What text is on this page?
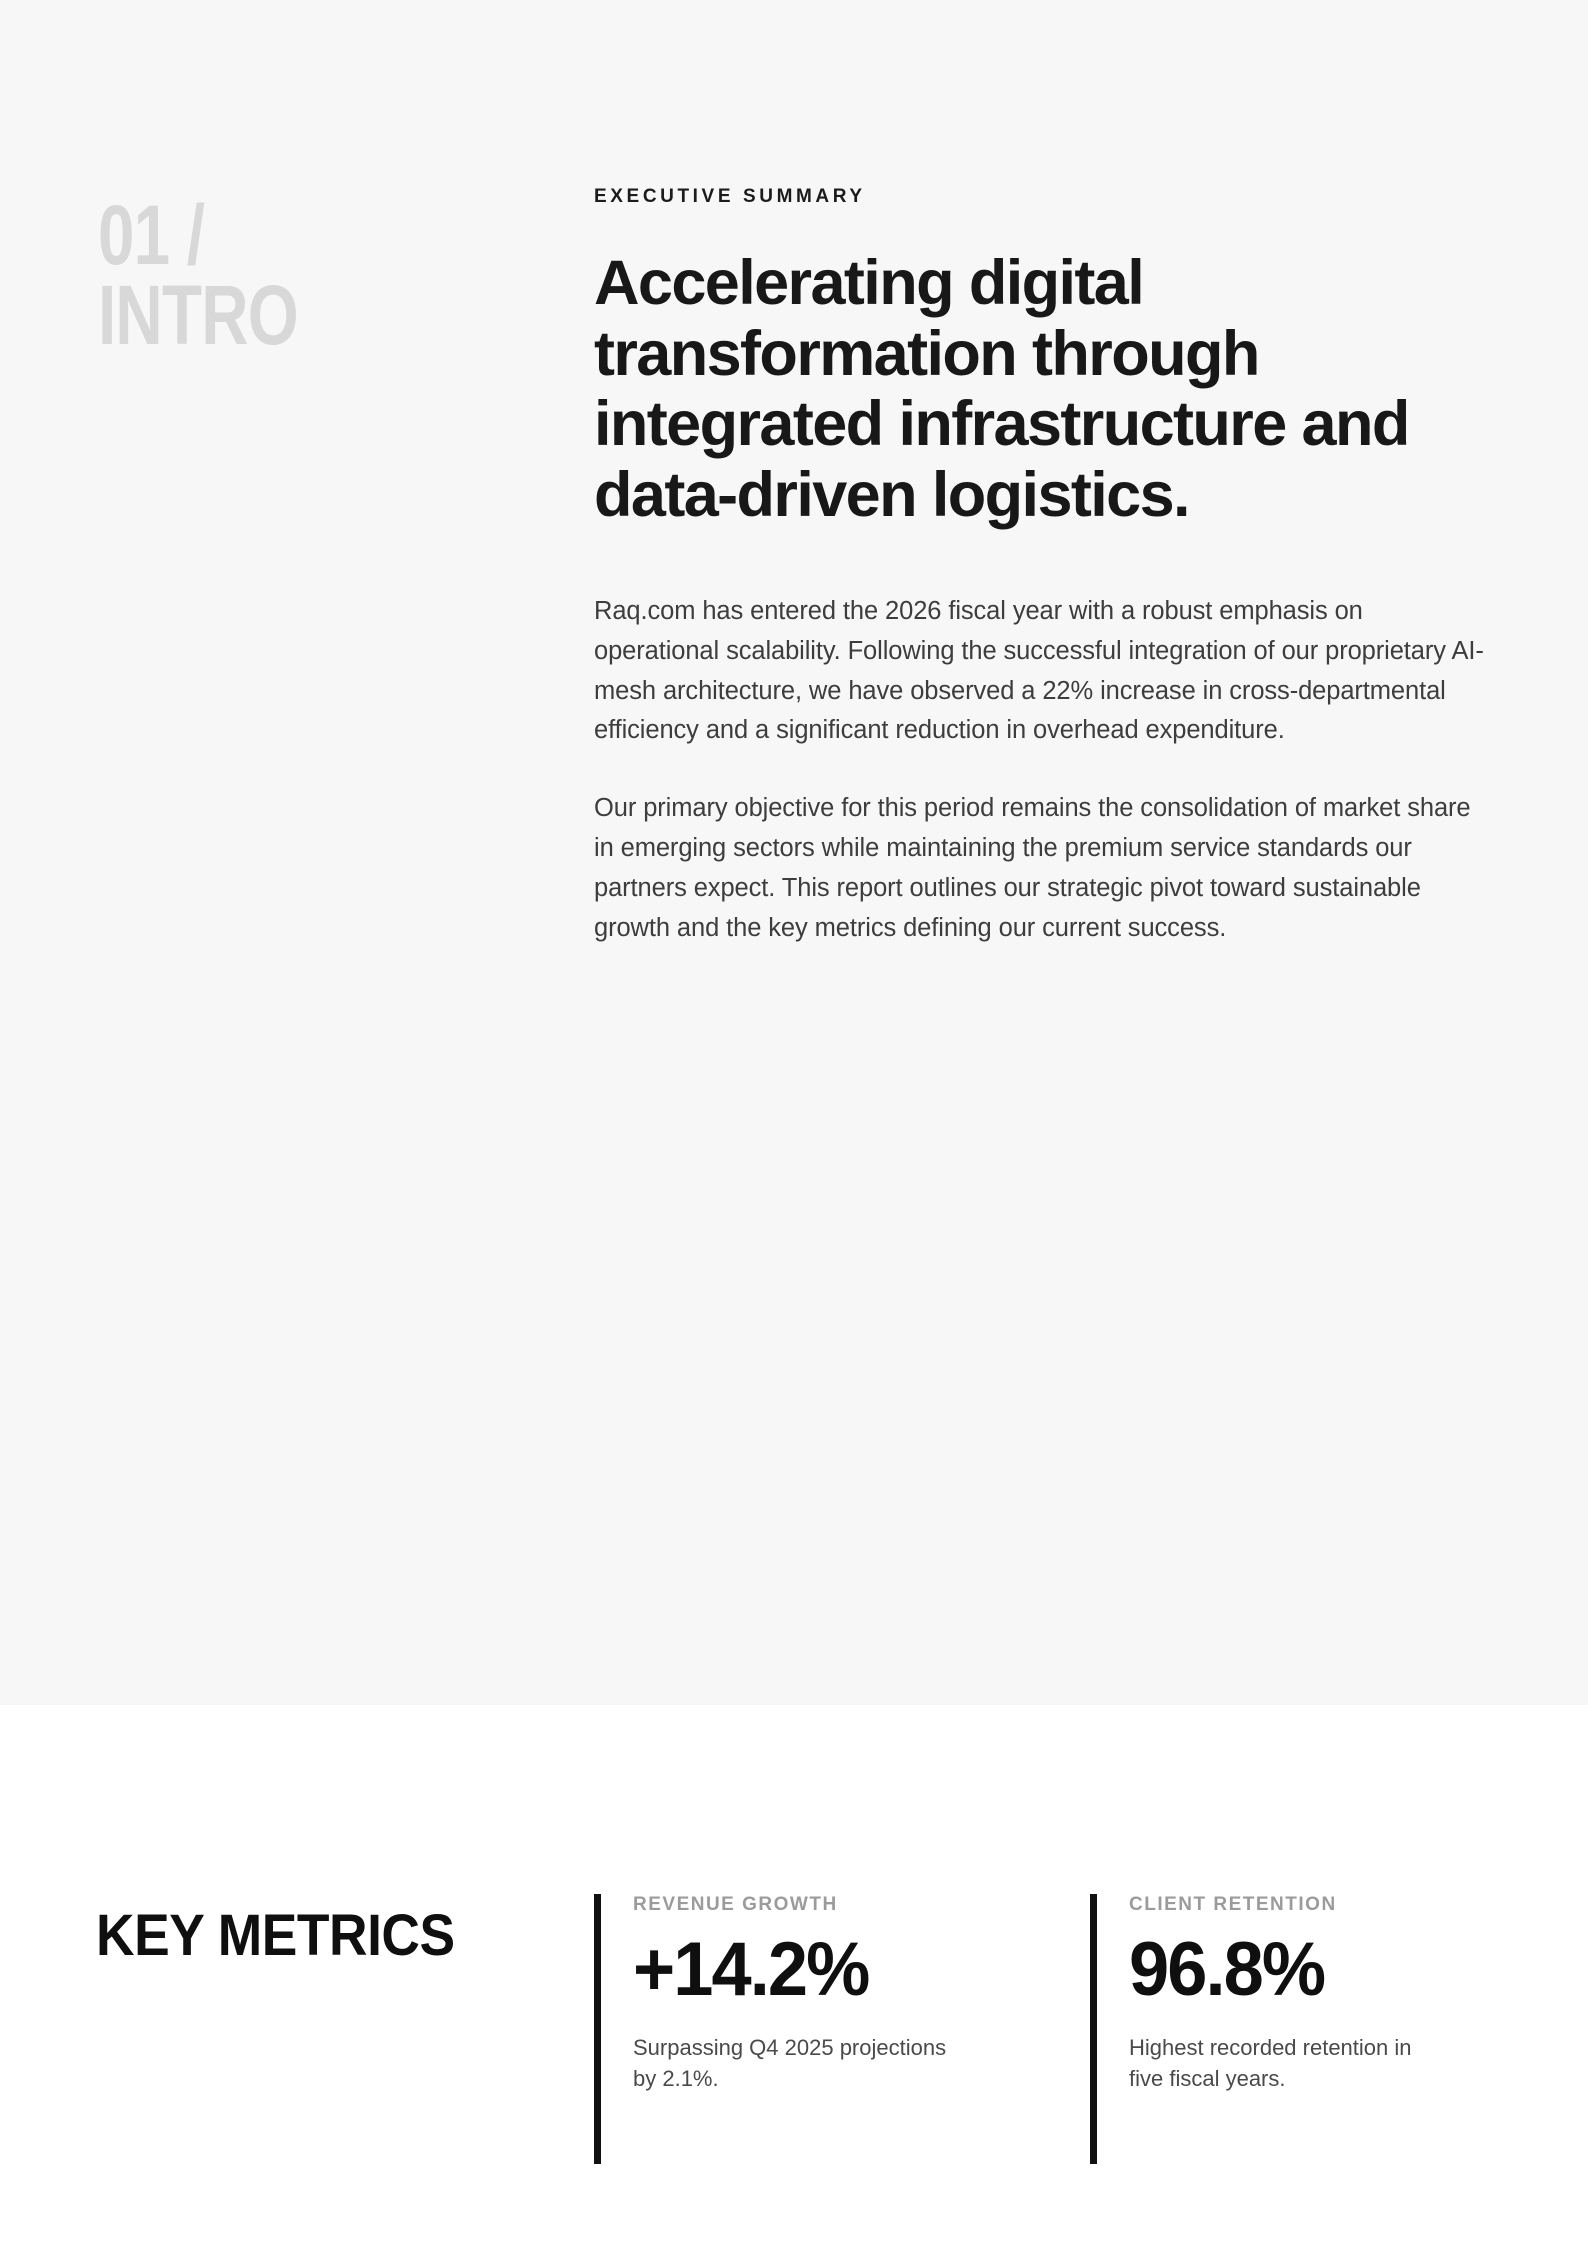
01 /
INTRO
EXECUTIVE SUMMARY
Accelerating digital transformation through integrated infrastructure and data-driven logistics.

Raq.com has entered the 2026 fiscal year with a robust emphasis on operational scalability. Following the successful integration of our proprietary AI-mesh architecture, we have observed a 22% increase in cross-departmental efficiency and a significant reduction in overhead expenditure.

Our primary objective for this period remains the consolidation of market share in emerging sectors while maintaining the premium service standards our partners expect. This report outlines our strategic pivot toward sustainable growth and the key metrics defining our current success.

KEY METRICS	REVENUE GROWTH
+14.2%
Surpassing Q4 2025 projections by 2.1%.
CLIENT RETENTION
96.8%
Highest recorded retention in five fiscal years.
